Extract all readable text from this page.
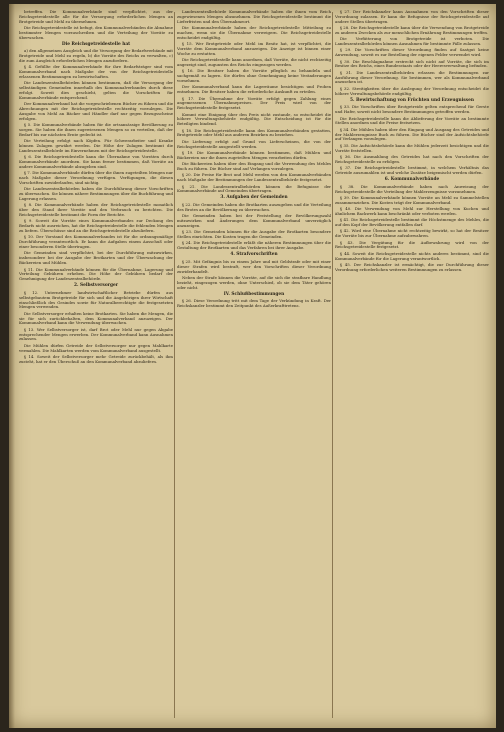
betreffen. Die Kommunalverbände sind verpflichtet, aus der Reichsgetreidestelle alle für die Versorgung erforderlichen Mengen an Brotgetreide und Mehl zu übernehmen.

Die Reichsgetreidestelle ist befugt, den Kommunalverbänden die Abnahme bestimmter Mengen vorzuschreiben und die Verteilung der Vorräte zu überwachen.

Die Reichsgetreidestelle hat

a) den allgemeinen Ausgleich und die Versorgung der Bedarfsverbände mit Brotgetreide und Mehl zu regeln, b) die Vorräte des Reichs zu verwalten, c) die zum Ausgleich erforderlichen Mengen anzufordern.

§ 4. Gefüllte der Kommunalverbände für ihre Bedarfsträger sind vom Kommunalverband nach Maßgabe der von der Reichsgetreidestelle erlassenen Bestimmungen zu bewirtschaften.

Die Landeszentralbehörden können bestimmen, daß die Versorgung der selbständigen Gemeinden innerhalb des Kommunalverbandes durch diese erfolgt. Soweit dies geschieht, gelten die Vorschriften für Kommunalverbände entsprechend.

Der Kommunalverband hat die vorgeschriebenen Bücher zu führen und die Abrechnungen mit der Reichsgetreidestelle rechtzeitig vorzulegen. Die Ausgabe von Mehl an Bäcker und Händler darf nur gegen Bezugsscheine erfolgen.

§ 5. Die Kommunalverbände haben für die ortsansässige Bevölkerung zu sorgen. Sie haben die ihnen zugewiesenen Mengen so zu verteilen, daß der Bedarf bis zur nächsten Ernte gedeckt ist.

Die Verteilung erfolgt nach Köpfen. Für Schwerarbeiter und Kranke können Zulagen gewährt werden. Die Höhe der Zulagen bestimmt die Landeszentralbehörde im Einvernehmen mit der Reichsgetreidestelle.

§ 6. Die Reichsgetreidestelle kann die Übernahme von Vorräten durch Kommunalverbände anordnen. Sie kann ferner bestimmen, daß Vorräte an andere Kommunalverbände abzugeben sind.

§ 7. Die Kommunalverbände dürfen über die ihnen zugeteilten Mengen nur nach Maßgabe dieser Verordnung verfügen. Verfügungen, die diesen Vorschriften zuwiderlaufen, sind nichtig.

Die Landeszentralbehörden haben die Durchführung dieser Vorschriften zu überwachen. Sie können nähere Bestimmungen über die Buchführung und Lagerung erlassen.

§ 8. Die Kommunalverbände haben der Reichsgetreidestelle monatlich über den Stand ihrer Vorräte und den Verbrauch zu berichten. Die Reichsgetreidestelle bestimmt die Form der Berichte.

§ 9. Soweit die Vorräte eines Kommunalverbandes zur Deckung des Bedarfs nicht ausreichen, hat die Reichsgetreidestelle die fehlenden Mengen zu liefern. Überschüsse sind an die Reichsgetreidestelle abzuliefern.

§ 10. Der Vorstand des Kommunalverbandes ist für die ordnungsmäßige Durchführung verantwortlich. Er kann die Aufgaben einem Ausschuß oder einer besonderen Stelle übertragen.

Die Gemeinden sind verpflichtet, bei der Durchführung mitzuwirken, insbesondere bei der Ausgabe der Brotkarten und der Überwachung der Bäckereien und Mühlen.

§ 11. Die Kommunalverbände können für die Übernahme, Lagerung und Verteilung Gebühren erheben. Die Höhe der Gebühren bedarf der Genehmigung der Landeszentralbehörde.

2. Selbstversorger

§ 12. Unternehmer landwirtschaftlicher Betriebe dürfen aus selbstgebautem Brotgetreide für sich und die Angehörigen ihrer Wirtschaft einschließlich des Gesindes sowie für Naturalberechtigte die festgesetzten Mengen verwenden.

Die Selbstversorger erhalten keine Brotkarten. Sie haben die Mengen, die sie für sich zurückbehalten, dem Kommunalverband anzuzeigen. Der Kommunalverband kann die Verwendung überwachen.

§ 13. Wer Selbstversorger ist, darf Brot oder Mehl nur gegen Abgabe entsprechender Mengen erwerben. Der Kommunalverband kann Ausnahmen zulassen.

Die Mühlen dürfen Getreide der Selbstversorger nur gegen Mahlkarte vermahlen. Die Mahlkarten werden vom Kommunalverband ausgestellt.

§ 14. Soweit der Selbstversorger mehr Getreide zurückbehält, als ihm zusteht, hat er den Überschuß an den Kommunalverband abzuliefern.

Landeszentralbehörde Kommunalverbände haben die ihnen vom Reich zugewiesenen Mengen abzunehmen. Die Reichsgetreidestelle bestimmt die Lieferfristen und den Übernahmeort.

Die Kommunalverbände haben der Reichsgetreidestelle Mitteilung zu machen, wenn sie die Übernahme verweigern. Die Reichsgetreidestelle entscheidet endgültig.

§ 15. Wer Brotgetreide oder Mehl im Besitz hat, ist verpflichtet, die Vorräte dem Kommunalverband anzuzeigen. Die Anzeige ist binnen einer Woche zu erstatten.

Die Reichsgetreidestelle kann anordnen, daß Vorräte, die nicht rechtzeitig angezeigt sind, zugunsten des Reichs eingezogen werden.

§ 16. Die Besitzer haben die Vorräte pfleglich zu behandeln und sachgemäß zu lagern. Sie dürfen ohne Genehmigung keine Veränderungen vornehmen.

Der Kommunalverband kann die Lagerräume besichtigen und Proben entnehmen. Die Besitzer haben die erforderliche Auskunft zu erteilen.

§ 17. Die Übernahme der Vorräte erfolgt gegen Zahlung eines angemessenen Übernahmepreises. Der Preis wird von der Reichsgetreidestelle festgesetzt.

Kommt eine Einigung über den Preis nicht zustande, so entscheidet die höhere Verwaltungsbehörde endgültig. Die Entscheidung ist für die Beteiligten bindend.

§ 18. Die Reichsgetreidestelle kann den Kommunalverbänden gestatten, Brotgetreide oder Mehl aus anderen Bezirken zu beziehen.

Die Lieferung erfolgt auf Grund von Lieferscheinen, die von der Reichsgetreidestelle ausgestellt werden.

§ 19. Die Kommunalverbände können bestimmen, daß Mühlen und Bäckereien nur die ihnen zugeteilten Mengen verarbeiten dürfen.

Die Bäckereien haben über den Eingang und die Verwendung des Mehles Buch zu führen. Die Bücher sind auf Verlangen vorzulegen.

§ 20. Die Preise für Brot und Mehl werden von den Kommunalverbänden nach Maßgabe der Bestimmungen der Landeszentralbehörde festgesetzt.

§ 21. Die Landeszentralbehörden können die Befugnisse der Kommunalverbände auf Gemeinden übertragen.

3. Aufgaben der Gemeinden

§ 22. Die Gemeinden haben die Brotkarten auszugeben und die Verteilung des Brotes an die Bevölkerung zu überwachen.

Die Gemeinden haben bei der Feststellung der Bevölkerungszahl mitzuwirken und Änderungen dem Kommunalverband unverzüglich anzuzeigen.

§ 23. Die Gemeinden können für die Ausgabe der Brotkarten besondere Stellen einrichten. Die Kosten tragen die Gemeinden.

§ 24. Die Reichsgetreidestelle erläßt die näheren Bestimmungen über die Gestaltung der Brotkarten und das Verfahren bei ihrer Ausgabe.

4. Strafvorschriften

§ 25. Mit Gefängnis bis zu einem Jahre und mit Geldstrafe oder mit einer dieser Strafen wird bestraft, wer den Vorschriften dieser Verordnung zuwiderhandelt.

Neben der Strafe können die Vorräte, auf die sich die strafbare Handlung bezieht, eingezogen werden, ohne Unterschied, ob sie dem Täter gehören oder nicht.

IV. Schlußbestimmungen

§ 26. Diese Verordnung tritt mit dem Tage der Verkündung in Kraft. Der Reichskanzler bestimmt den Zeitpunkt des Außerkrafttretens.

§ 27. Der Reichskanzler kann Ausnahmen von den Vorschriften dieser Verordnung zulassen. Er kann die Befugnisse der Reichsgetreidestelle auf andere Stellen übertragen.

§ 28. Die Reichsgetreidestelle kann über die Verwendung von Brotgetreide zu anderen Zwecken als zur menschlichen Ernährung Bestimmungen treffen.

Die Verfütterung von Brotgetreide ist verboten. Die Landeszentralbehörden können Ausnahmen für bestimmte Fälle zulassen.

§ 29. Die Vorschriften dieser Verordnung finden auf Saatgut keine Anwendung, soweit es zur Bestellung der eigenen Felder verwendet wird.

§ 30. Die Beschlagnahme erstreckt sich nicht auf Vorräte, die sich im Besitze des Reichs, eines Bundesstaats oder der Heeresverwaltung befinden.

§ 31. Die Landeszentralbehörden erlassen die Bestimmungen zur Ausführung dieser Verordnung. Sie bestimmen, wer als Kommunalverband anzusehen ist.

§ 32. Streitigkeiten über die Auslegung der Verordnung entscheidet die höhere Verwaltungsbehörde endgültig.

5. Bewirtschaftung von Früchten und Erzeugnissen

§ 33. Die Vorschriften über Brotgetreide gelten entsprechend für Gerste und Hafer, soweit nicht besondere Bestimmungen getroffen werden.

Die Reichsgetreidestelle kann die Ablieferung der Vorräte an bestimmte Stellen anordnen und die Preise festsetzen.

§ 34. Die Mühlen haben über den Eingang und Ausgang des Getreides und der Mahlerzeugnisse Buch zu führen. Die Bücher sind der Aufsichtsbehörde auf Verlangen vorzulegen.

§ 35. Die Aufsichtsbehörde kann die Mühlen jederzeit besichtigen und die Vorräte feststellen.

§ 36. Die Ausmahlung des Getreides hat nach den Vorschriften der Reichsgetreidestelle zu erfolgen.

§ 37. Die Reichsgetreidestelle bestimmt, in welchem Verhältnis das Getreide auszumahlen ist und welche Zusätze beigemischt werden dürfen.

6. Kommunalverbände

§ 38. Die Kommunalverbände haben nach Anweisung der Reichsgetreidestelle die Verteilung der Mahlerzeugnisse vorzunehmen.

§ 39. Die Kommunalverbände können Vorräte an Mehl zu Sammelstellen zusammenziehen. Die Kosten trägt der Kommunalverband.

§ 40. Die Verwendung von Mehl zur Herstellung von Kuchen und ähnlichem Backwerk kann beschränkt oder verboten werden.

§ 41. Die Reichsgetreidestelle bestimmt die Höchstmenge des Mehles, die auf den Kopf der Bevölkerung entfallen darf.

§ 42. Wird eine Übernahme nicht rechtzeitig bewirkt, so hat der Besitzer die Vorräte bis zur Übernahme aufzubewahren.

§ 43. Die Vergütung für die Aufbewahrung wird von der Reichsgetreidestelle festgesetzt.

§ 44. Soweit die Reichsgetreidestelle nichts anderes bestimmt, sind die Kommunalverbände für die Lagerung verantwortlich.

§ 45. Der Reichskanzler ist ermächtigt, die zur Durchführung dieser Verordnung erforderlichen weiteren Bestimmungen zu erlassen.
